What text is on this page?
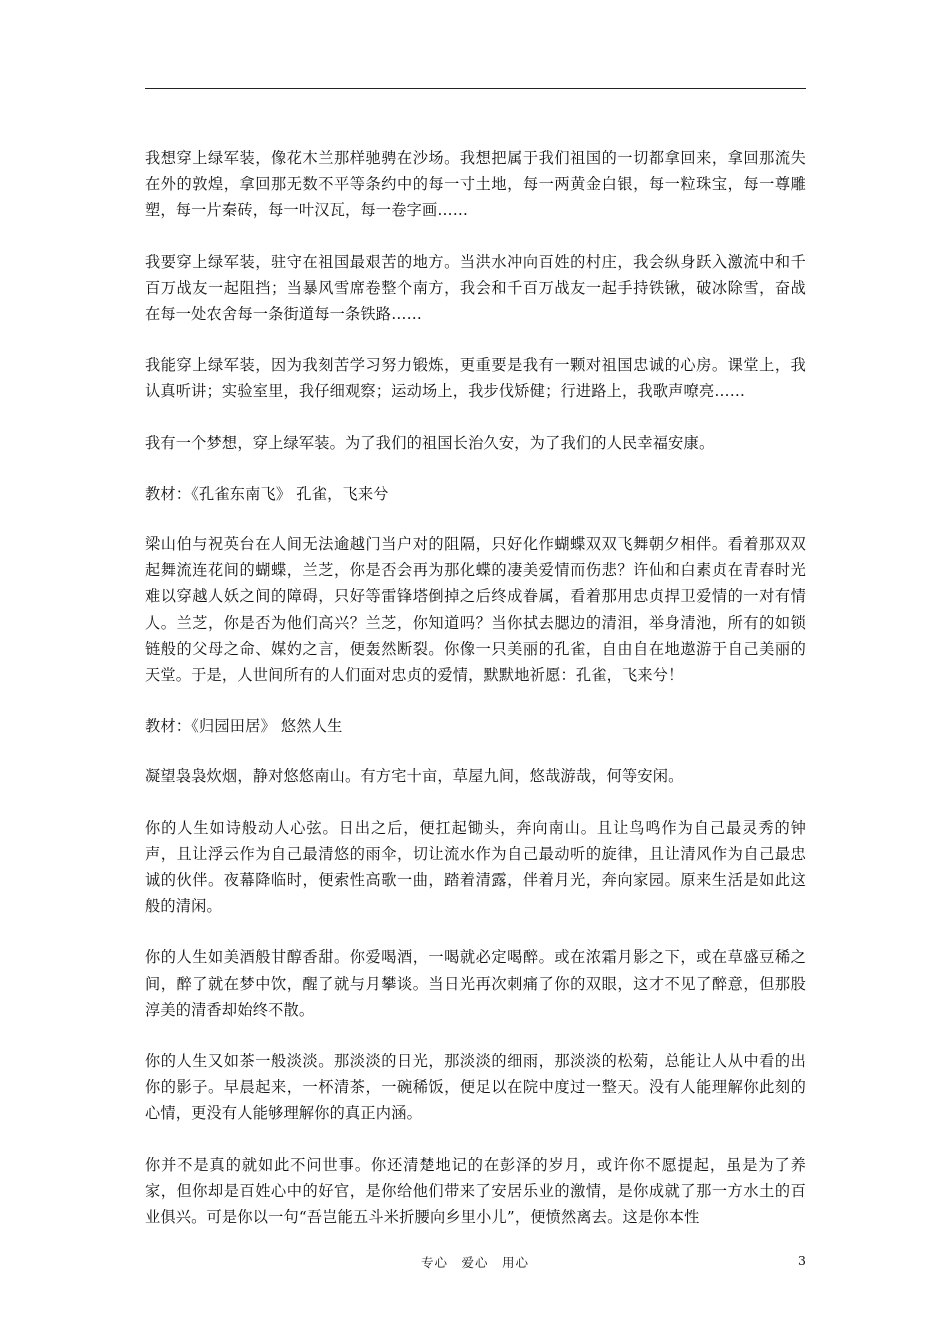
我想穿上绿军装，像花木兰那样驰骋在沙场。我想把属于我们祖国的一切都拿回来，拿回那流失在外的敦煌，拿回那无数不平等条约中的每一寸土地，每一两黄金白银，每一粒珠宝，每一尊雕塑，每一片秦砖，每一叶汉瓦，每一卷字画……

我要穿上绿军装，驻守在祖国最艰苦的地方。当洪水冲向百姓的村庄，我会纵身跃入激流中和千百万战友一起阻挡；当暴风雪席卷整个南方，我会和千百万战友一起手持铁锹，破冰除雪，奋战在每一处农舍每一条街道每一条铁路……

我能穿上绿军装，因为我刻苦学习努力锻炼，更重要是我有一颗对祖国忠诚的心房。课堂上，我认真听讲；实验室里，我仔细观察；运动场上，我步伐矫健；行进路上，我歌声嘹亮……

我有一个梦想，穿上绿军装。为了我们的祖国长治久安，为了我们的人民幸福安康。

教材：《孔雀东南飞》 孔雀，飞来兮

梁山伯与祝英台在人间无法逾越门当户对的阻隔，只好化作蝴蝶双双飞舞朝夕相伴。看着那双双起舞流连花间的蝴蝶，兰芝，你是否会再为那化蝶的凄美爱情而伤悲？许仙和白素贞在青春时光难以穿越人妖之间的障碍，只好等雷锋塔倒掉之后终成眷属，看着那用忠贞捍卫爱情的一对有情人。兰芝，你是否为他们高兴？兰芝，你知道吗？当你拭去腮边的清泪，举身清池，所有的如锁链般的父母之命、媒妁之言，便轰然断裂。你像一只美丽的孔雀，自由自在地遨游于自己美丽的天堂。于是，人世间所有的人们面对忠贞的爱情，默默地祈愿：孔雀，飞来兮！

教材：《归园田居》 悠然人生

凝望袅袅炊烟，静对悠悠南山。有方宅十亩，草屋九间，悠哉游哉，何等安闲。

你的人生如诗般动人心弦。日出之后，便扛起锄头，奔向南山。且让鸟鸣作为自己最灵秀的钟声，且让浮云作为自己最清悠的雨伞，切让流水作为自己最动听的旋律，且让清风作为自己最忠诚的伙伴。夜幕降临时，便索性高歌一曲，踏着清露，伴着月光，奔向家园。原来生活是如此这般的清闲。

你的人生如美酒般甘醇香甜。你爱喝酒，一喝就必定喝醉。或在浓霜月影之下，或在草盛豆稀之间，醉了就在梦中饮，醒了就与月攀谈。当日光再次刺痛了你的双眼，这才不见了醉意，但那股淳美的清香却始终不散。

你的人生又如茶一般淡淡。那淡淡的日光，那淡淡的细雨，那淡淡的松菊，总能让人从中看的出你的影子。早晨起来，一杯清茶，一碗稀饭，便足以在院中度过一整天。没有人能理解你此刻的心情，更没有人能够理解你的真正内涵。

你并不是真的就如此不问世事。你还清楚地记的在彭泽的岁月，或许你不愿提起，虽是为了养家，但你却是百姓心中的好官，是你给他们带来了安居乐业的激情，是你成就了那一方水土的百业俱兴。可是你以一句“吾岂能五斗米折腰向乡里小儿”，便愤然离去。这是你本性

专心　爱心　用心	3
